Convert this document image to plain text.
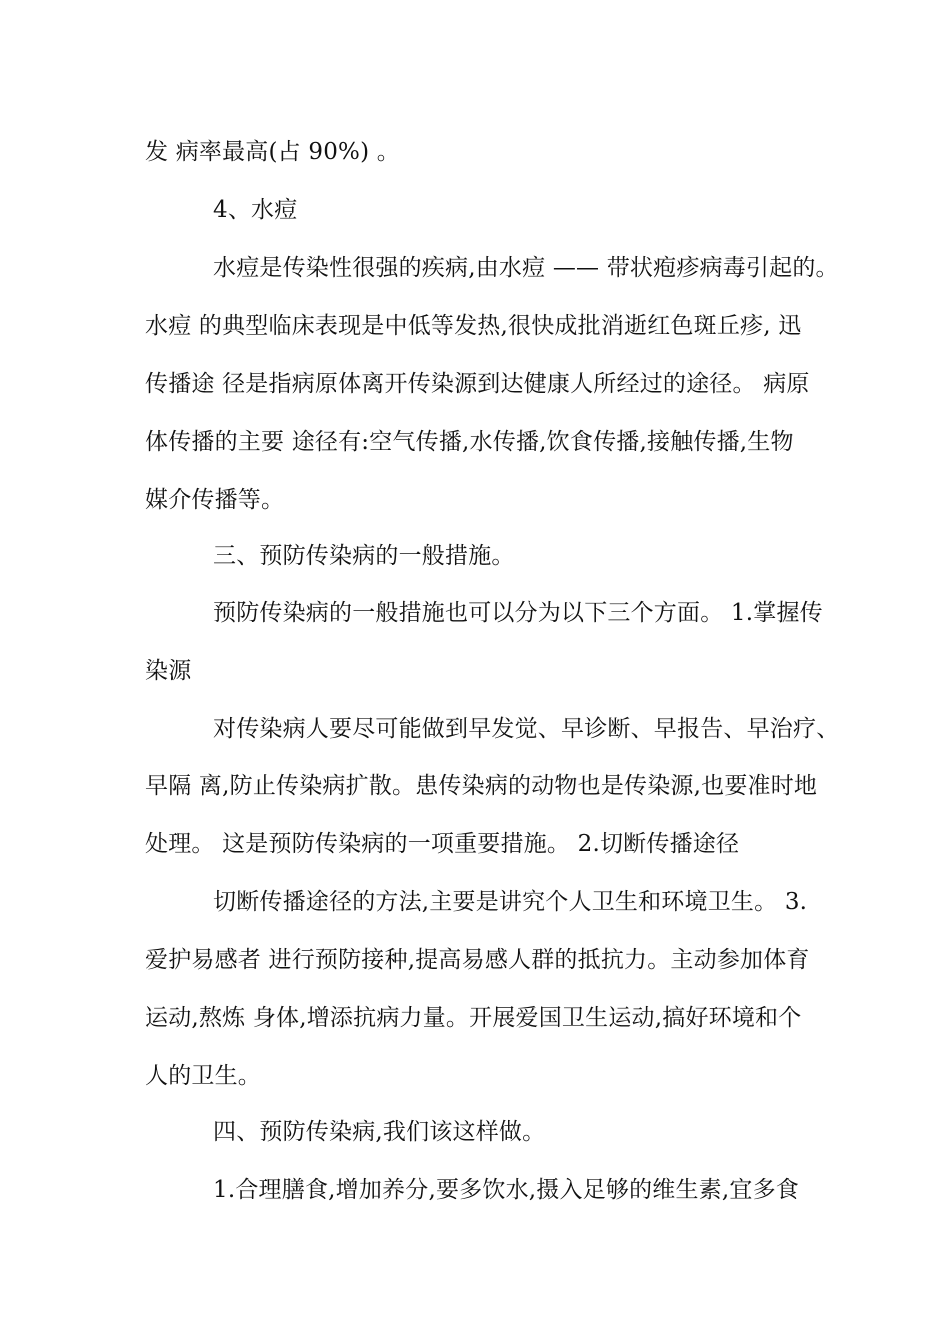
发 病率最高(占 90%) 。
4、水痘
水痘是传染性很强的疾病,由水痘 —— 带状疱疹病毒引起的。
水痘 的典型临床表现是中低等发热,很快成批消逝红色斑丘疹, 迅
传播途 径是指病原体离开传染源到达健康人所经过的途径。 病原
体传播的主要 途径有:空气传播,水传播,饮食传播,接触传播,生物
媒介传播等。
三、预防传染病的一般措施。
预防传染病的一般措施也可以分为以下三个方面。 1.掌握传
染源
对传染病人要尽可能做到早发觉、早诊断、早报告、早治疗、
早隔 离,防止传染病扩散。患传染病的动物也是传染源,也要准时地
处理。 这是预防传染病的一项重要措施。 2.切断传播途径
切断传播途径的方法,主要是讲究个人卫生和环境卫生。 3.
爱护易感者 进行预防接种,提高易感人群的抵抗力。主动参加体育
运动,熬炼 身体,增添抗病力量。开展爱国卫生运动,搞好环境和个
人的卫生。
四、预防传染病,我们该这样做。
1.合理膳食,增加养分,要多饮水,摄入足够的维生素,宜多食
